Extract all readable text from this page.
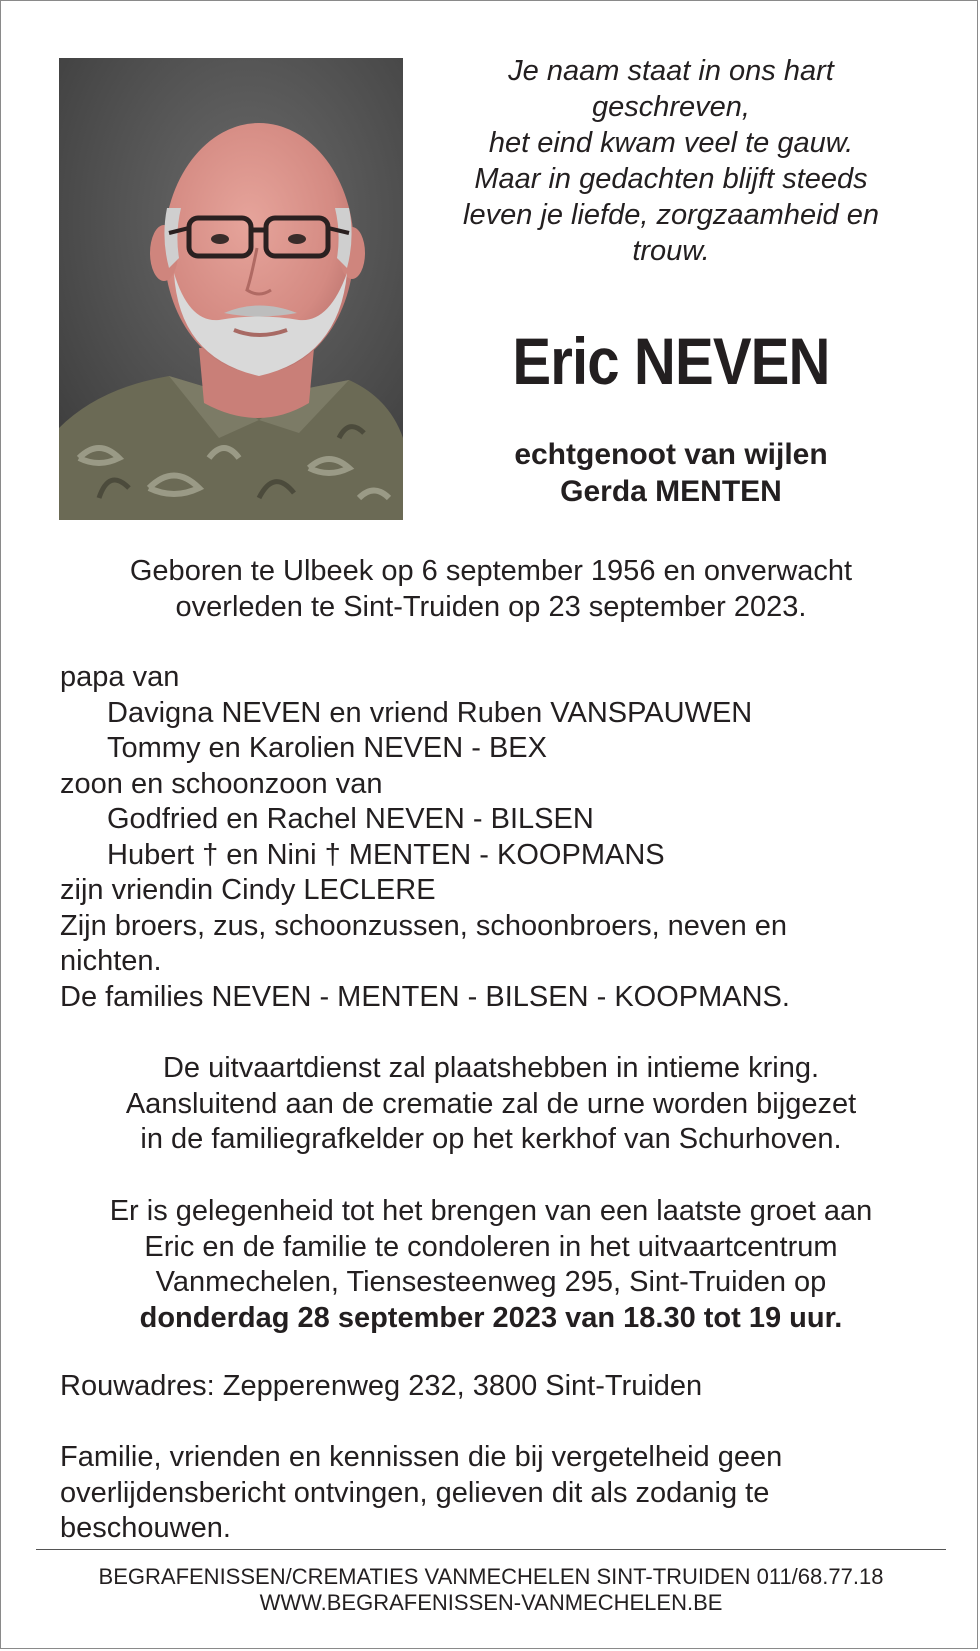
Je naam staat in ons hart
geschreven,
het eind kwam veel te gauw.
Maar in gedachten blijft steeds
leven je liefde, zorgzaamheid en
trouw.
Eric NEVEN
echtgenoot van wijlen
Gerda MENTEN
Geboren te Ulbeek op 6 september 1956 en onverwacht
overleden te Sint-Truiden op 23 september 2023.
papa van
Davigna NEVEN en vriend Ruben VANSPAUWEN
Tommy en Karolien NEVEN - BEX
zoon en schoonzoon van
Godfried en Rachel NEVEN - BILSEN
Hubert † en Nini † MENTEN - KOOPMANS
zijn vriendin Cindy LECLERE
Zijn broers, zus, schoonzussen, schoonbroers, neven en
nichten.
De families NEVEN - MENTEN - BILSEN - KOOPMANS.
De uitvaartdienst zal plaatshebben in intieme kring.
Aansluitend aan de crematie zal de urne worden bijgezet
in de familiegrafkelder op het kerkhof van Schurhoven.
Er is gelegenheid tot het brengen van een laatste groet aan
Eric en de familie te condoleren in het uitvaartcentrum
Vanmechelen, Tiensesteenweg 295, Sint-Truiden op
donderdag 28 september 2023 van 18.30 tot 19 uur.
Rouwadres: Zepperenweg 232, 3800 Sint-Truiden
Familie, vrienden en kennissen die bij vergetelheid geen
overlijdensbericht ontvingen, gelieven dit als zodanig te
beschouwen.
BEGRAFENISSEN/CREMATIES VANMECHELEN SINT-TRUIDEN 011/68.77.18
WWW.BEGRAFENISSEN-VANMECHELEN.BE
